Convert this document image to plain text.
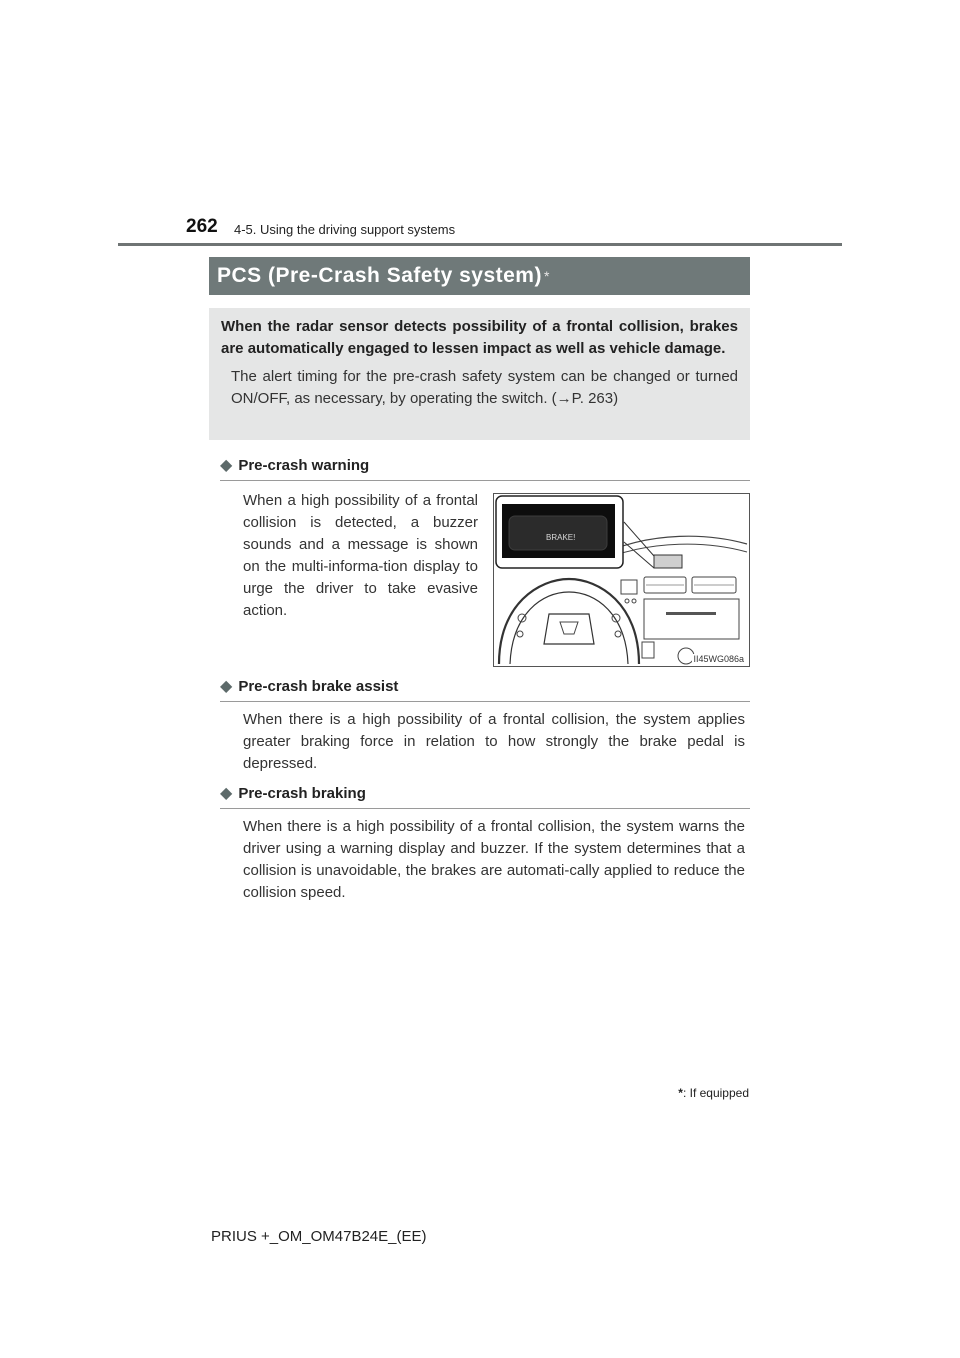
262 4-5. Using the driving support systems
PCS (Pre-Crash Safety system) *

When the radar sensor detects possibility of a frontal collision, brakes are automatically engaged to lessen impact as well as vehicle damage.

The alert timing for the pre-crash safety system can be changed or turned ON/OFF, as necessary, by operating the switch. (→P. 263)

◆ Pre-crash warning

When a high possibility of a frontal collision is detected, a buzzer sounds and a message is shown on the multi-informa-tion display to urge the driver to take evasive action.

BRAKE!
II45WG086a
◆ Pre-crash brake assist

When there is a high possibility of a frontal collision, the system applies greater braking force in relation to how strongly the brake pedal is depressed.

◆ Pre-crash braking

When there is a high possibility of a frontal collision, the system warns the driver using a warning display and buzzer. If the system determines that a collision is unavoidable, the brakes are automati-cally applied to reduce the collision speed.

*: If equipped
PRIUS +_OM_OM47B24E_(EE)
